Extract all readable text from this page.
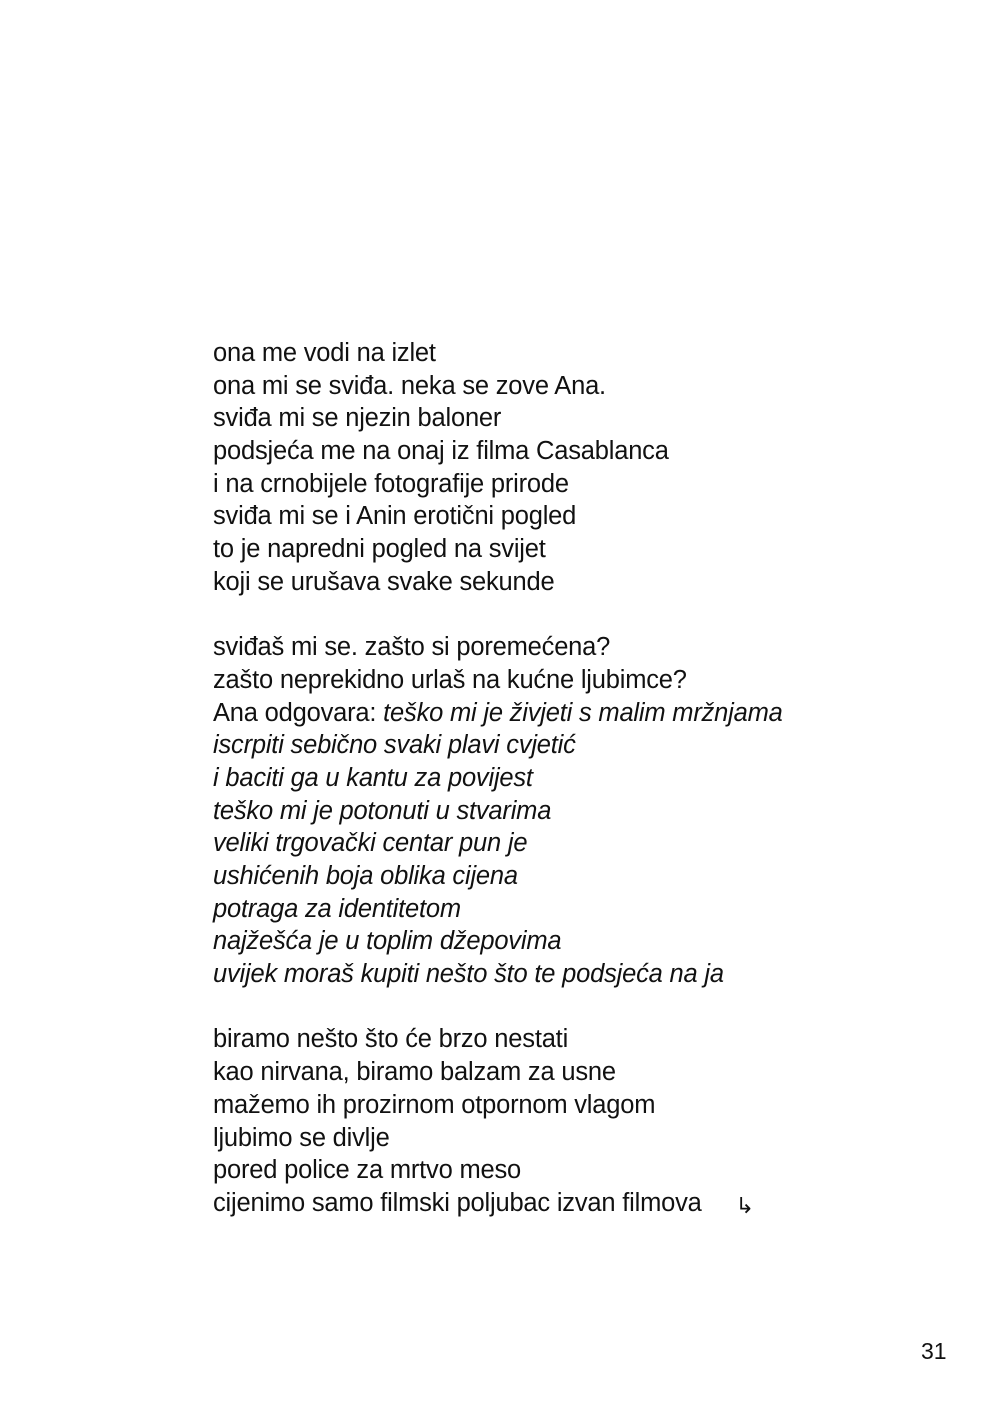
ona me vodi na izlet
ona mi se sviđa. neka se zove Ana.
sviđa mi se njezin baloner
podsjeća me na onaj iz filma Casablanca
i na crnobijele fotografije prirode
sviđa mi se i Anin erotični pogled
to je napredni pogled na svijet
koji se urušava svake sekunde
sviđaš mi se. zašto si poremećena?
zašto neprekidno urlaš na kućne ljubimce?
Ana odgovara: teško mi je živjeti s malim mržnjama
iscrpiti sebično svaki plavi cvjetić
i baciti ga u kantu za povijest
teško mi je potonuti u stvarima
veliki trgovački centar pun je
ushićenih boja oblika cijena
potraga za identitetom
najžešća je u toplim džepovima
uvijek moraš kupiti nešto što te podsjeća na ja
biramo nešto što će brzo nestati
kao nirvana, biramo balzam za usne
mažemo ih prozirnom otpornom vlagom
ljubimo se divlje
pored police za mrtvo meso
cijenimo samo filmski poljubac izvan filmova ↳
31
